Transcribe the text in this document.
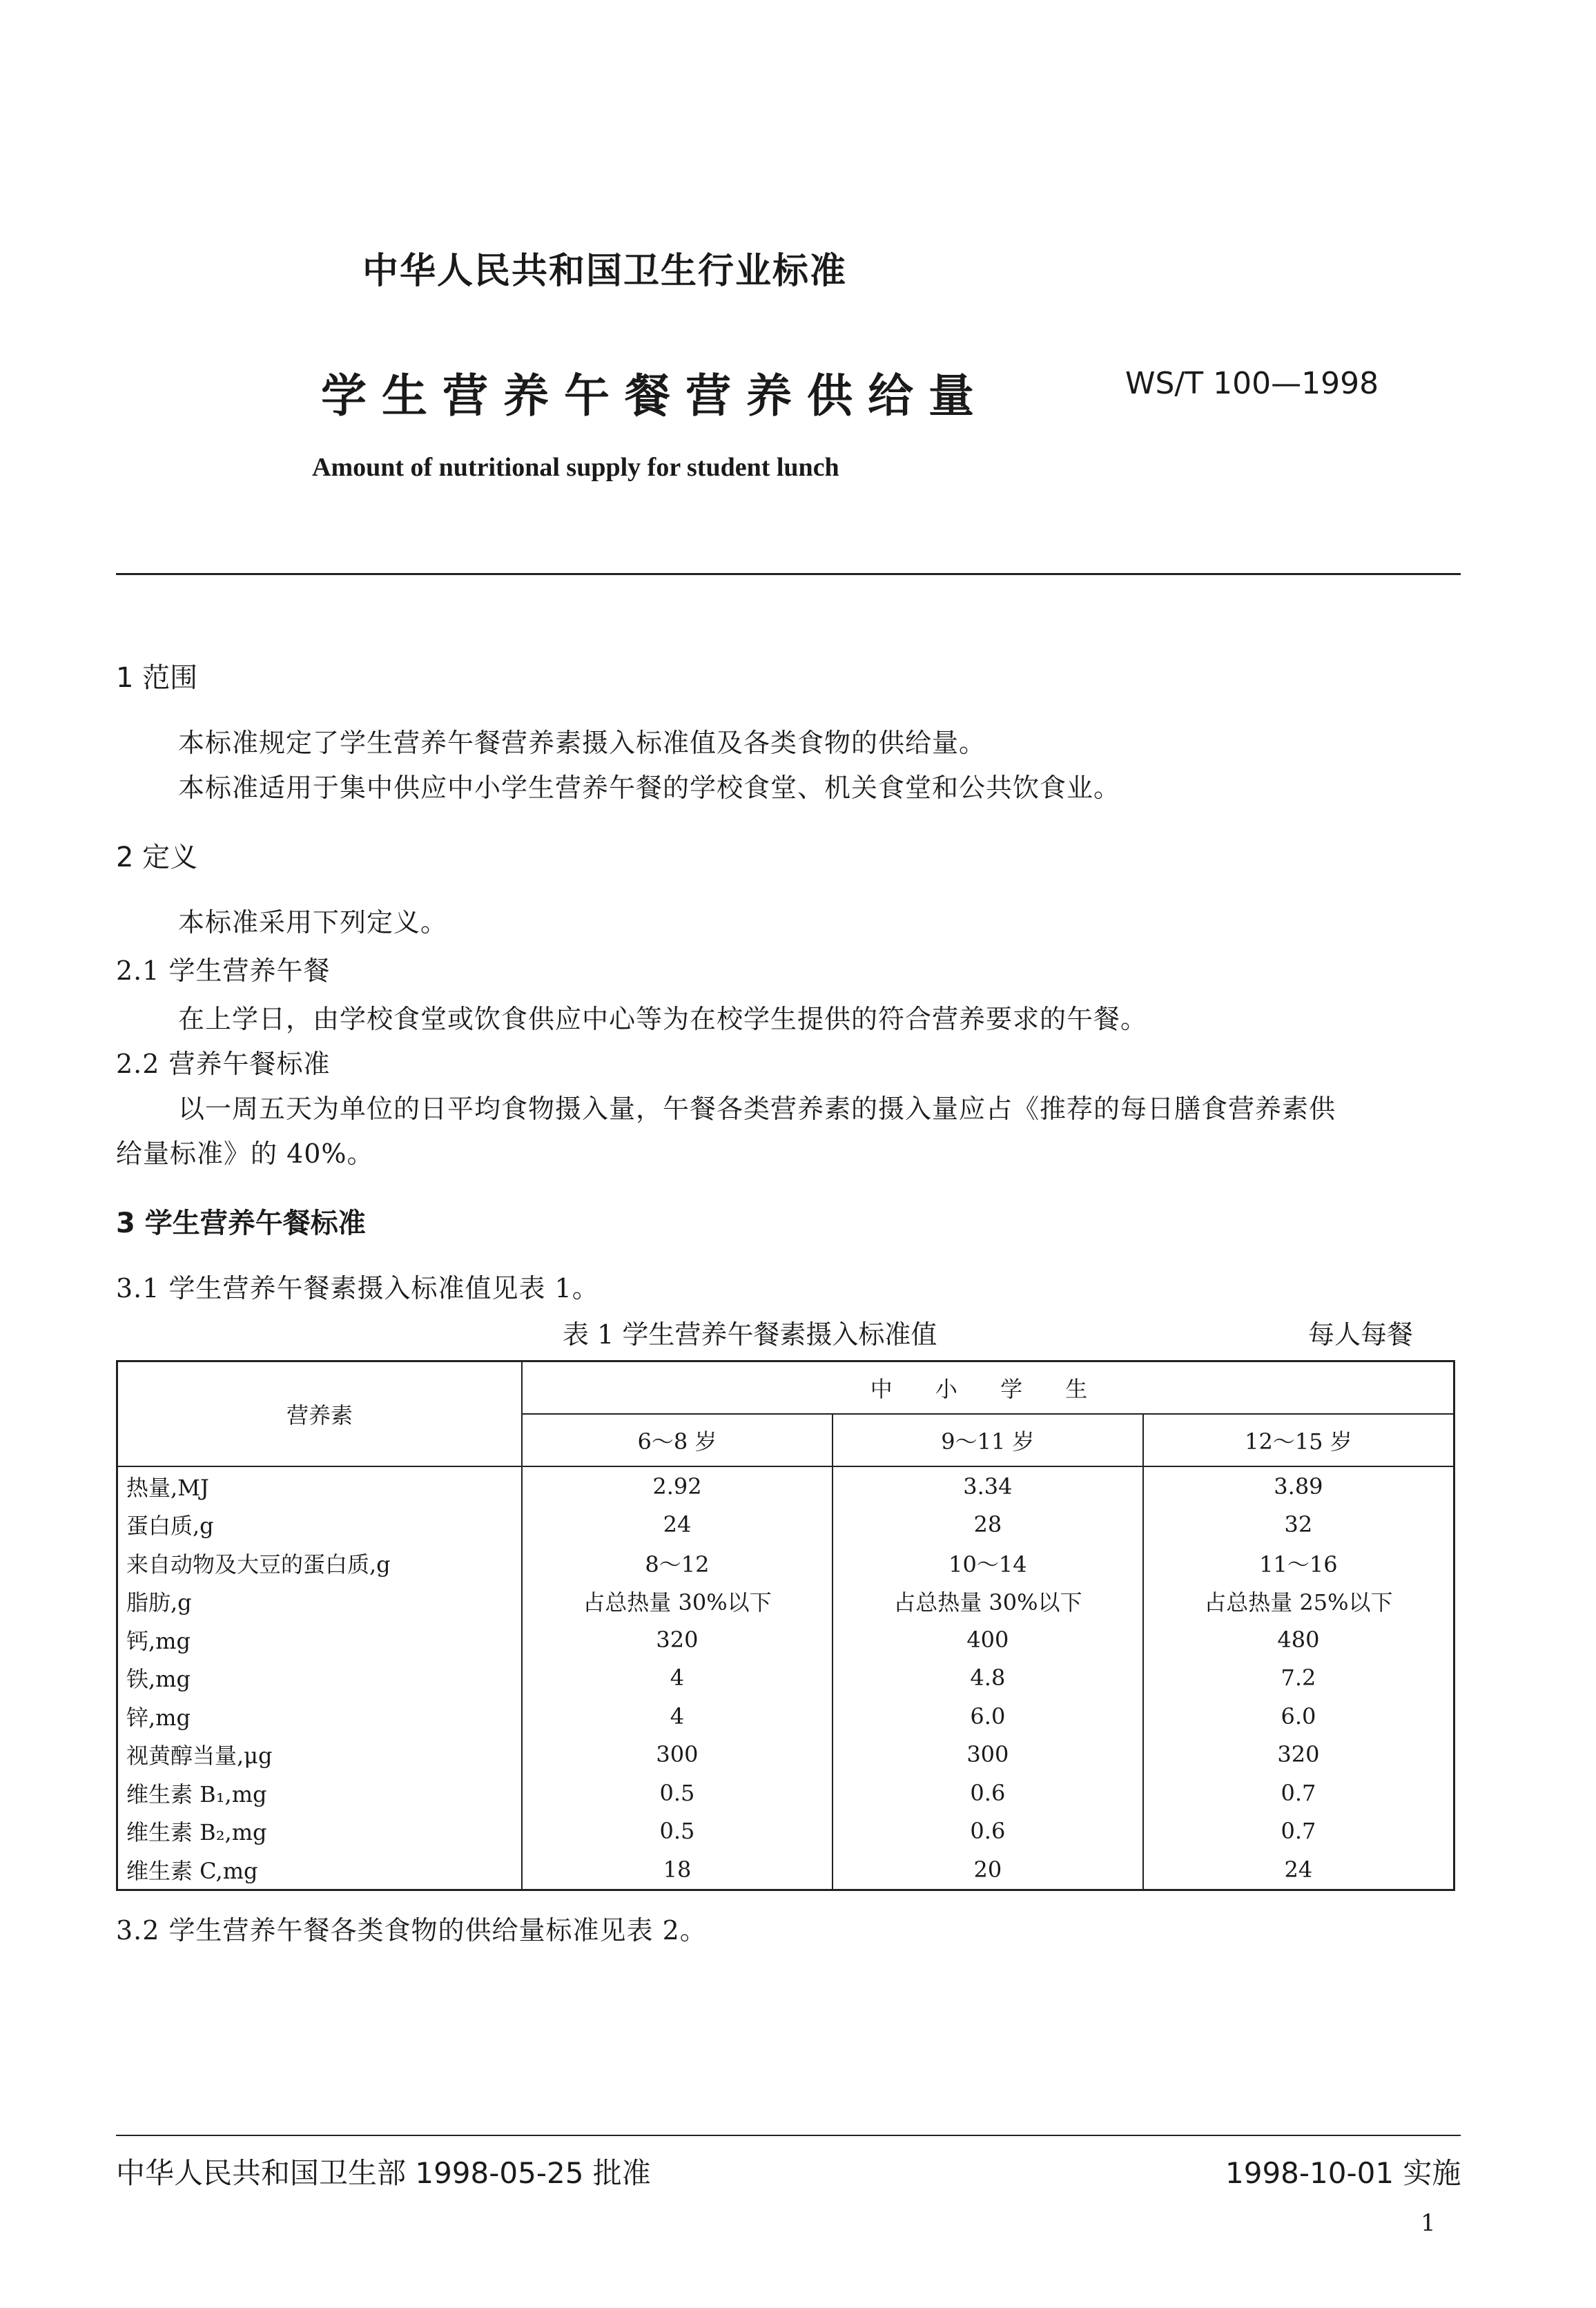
中华人民共和国卫生行业标准
学生营养午餐营养供给量	WS/T 100—1998
Amount of nutritional supply for student lunch
1 范围
本标准规定了学生营养午餐营养素摄入标准值及各类食物的供给量。
本标准适用于集中供应中小学生营养午餐的学校食堂、机关食堂和公共饮食业。
2 定义
本标准采用下列定义。
2.1 学生营养午餐
在上学日，由学校食堂或饮食供应中心等为在校学生提供的符合营养要求的午餐。
2.2 营养午餐标准
以一周五天为单位的日平均食物摄入量，午餐各类营养素的摄入量应占《推荐的每日膳食营养素供
给量标准》的 40%。
3 学生营养午餐标准
3.1 学生营养午餐素摄入标准值见表 1。
表 1 学生营养午餐素摄入标准值	每人每餐
营养素	中 小 学 生		
	6～8 岁	9～11 岁	12～15 岁
热量,MJ	2.92	3.34	3.89
蛋白质,g	24	28	32
来自动物及大豆的蛋白质,g	8～12	10～14	11～16
脂肪,g	占总热量 30%以下	占总热量 30%以下	占总热量 25%以下
钙,mg	320	400	480
铁,mg	4	4.8	7.2
锌,mg	4	6.0	6.0
视黄醇当量,μg	300	300	320
维生素 B₁,mg	0.5	0.6	0.7
维生素 B₂,mg	0.5	0.6	0.7
维生素 C,mg	18	20	24
3.2 学生营养午餐各类食物的供给量标准见表 2。
中华人民共和国卫生部 1998-05-25 批准	1998-10-01 实施
1
